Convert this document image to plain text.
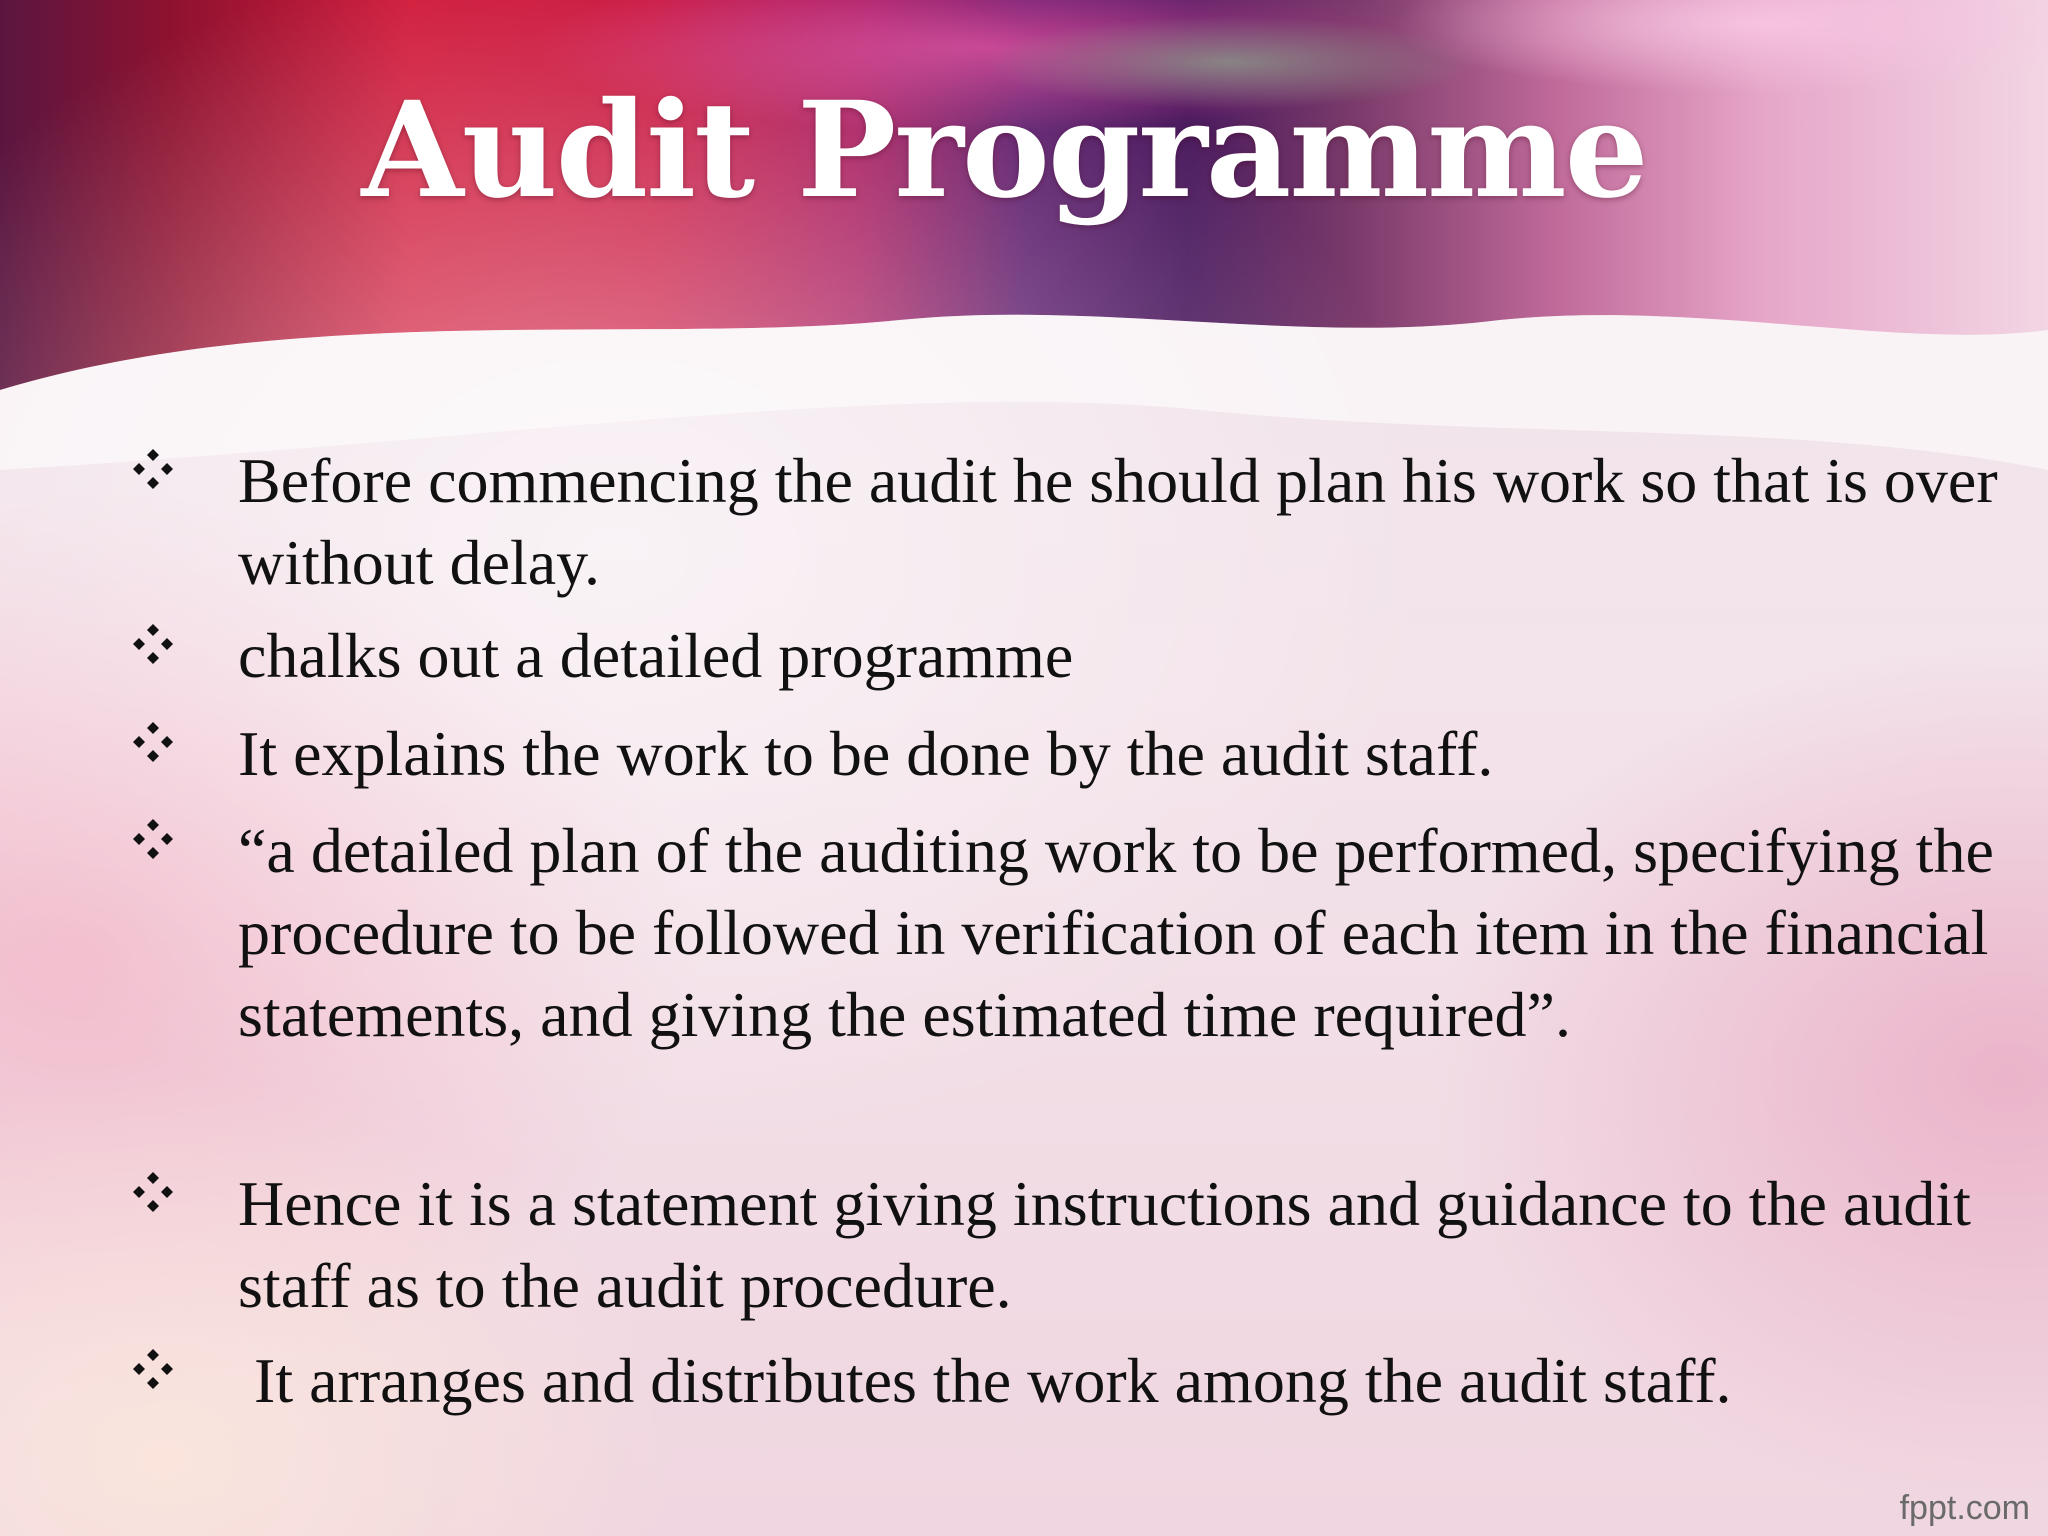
Audit Programme
Before commencing the audit he should plan his work so that is over without delay.
chalks out a detailed programme
It explains the work to be done by the audit staff.
“a detailed plan of the auditing work to be performed, specifying the procedure to be followed in verification of each item in the financial statements, and giving the estimated time required”.
Hence it is a statement giving instructions and guidance to the audit staff as to the audit procedure.
It arranges and distributes the work among the audit staff.
fppt.com
